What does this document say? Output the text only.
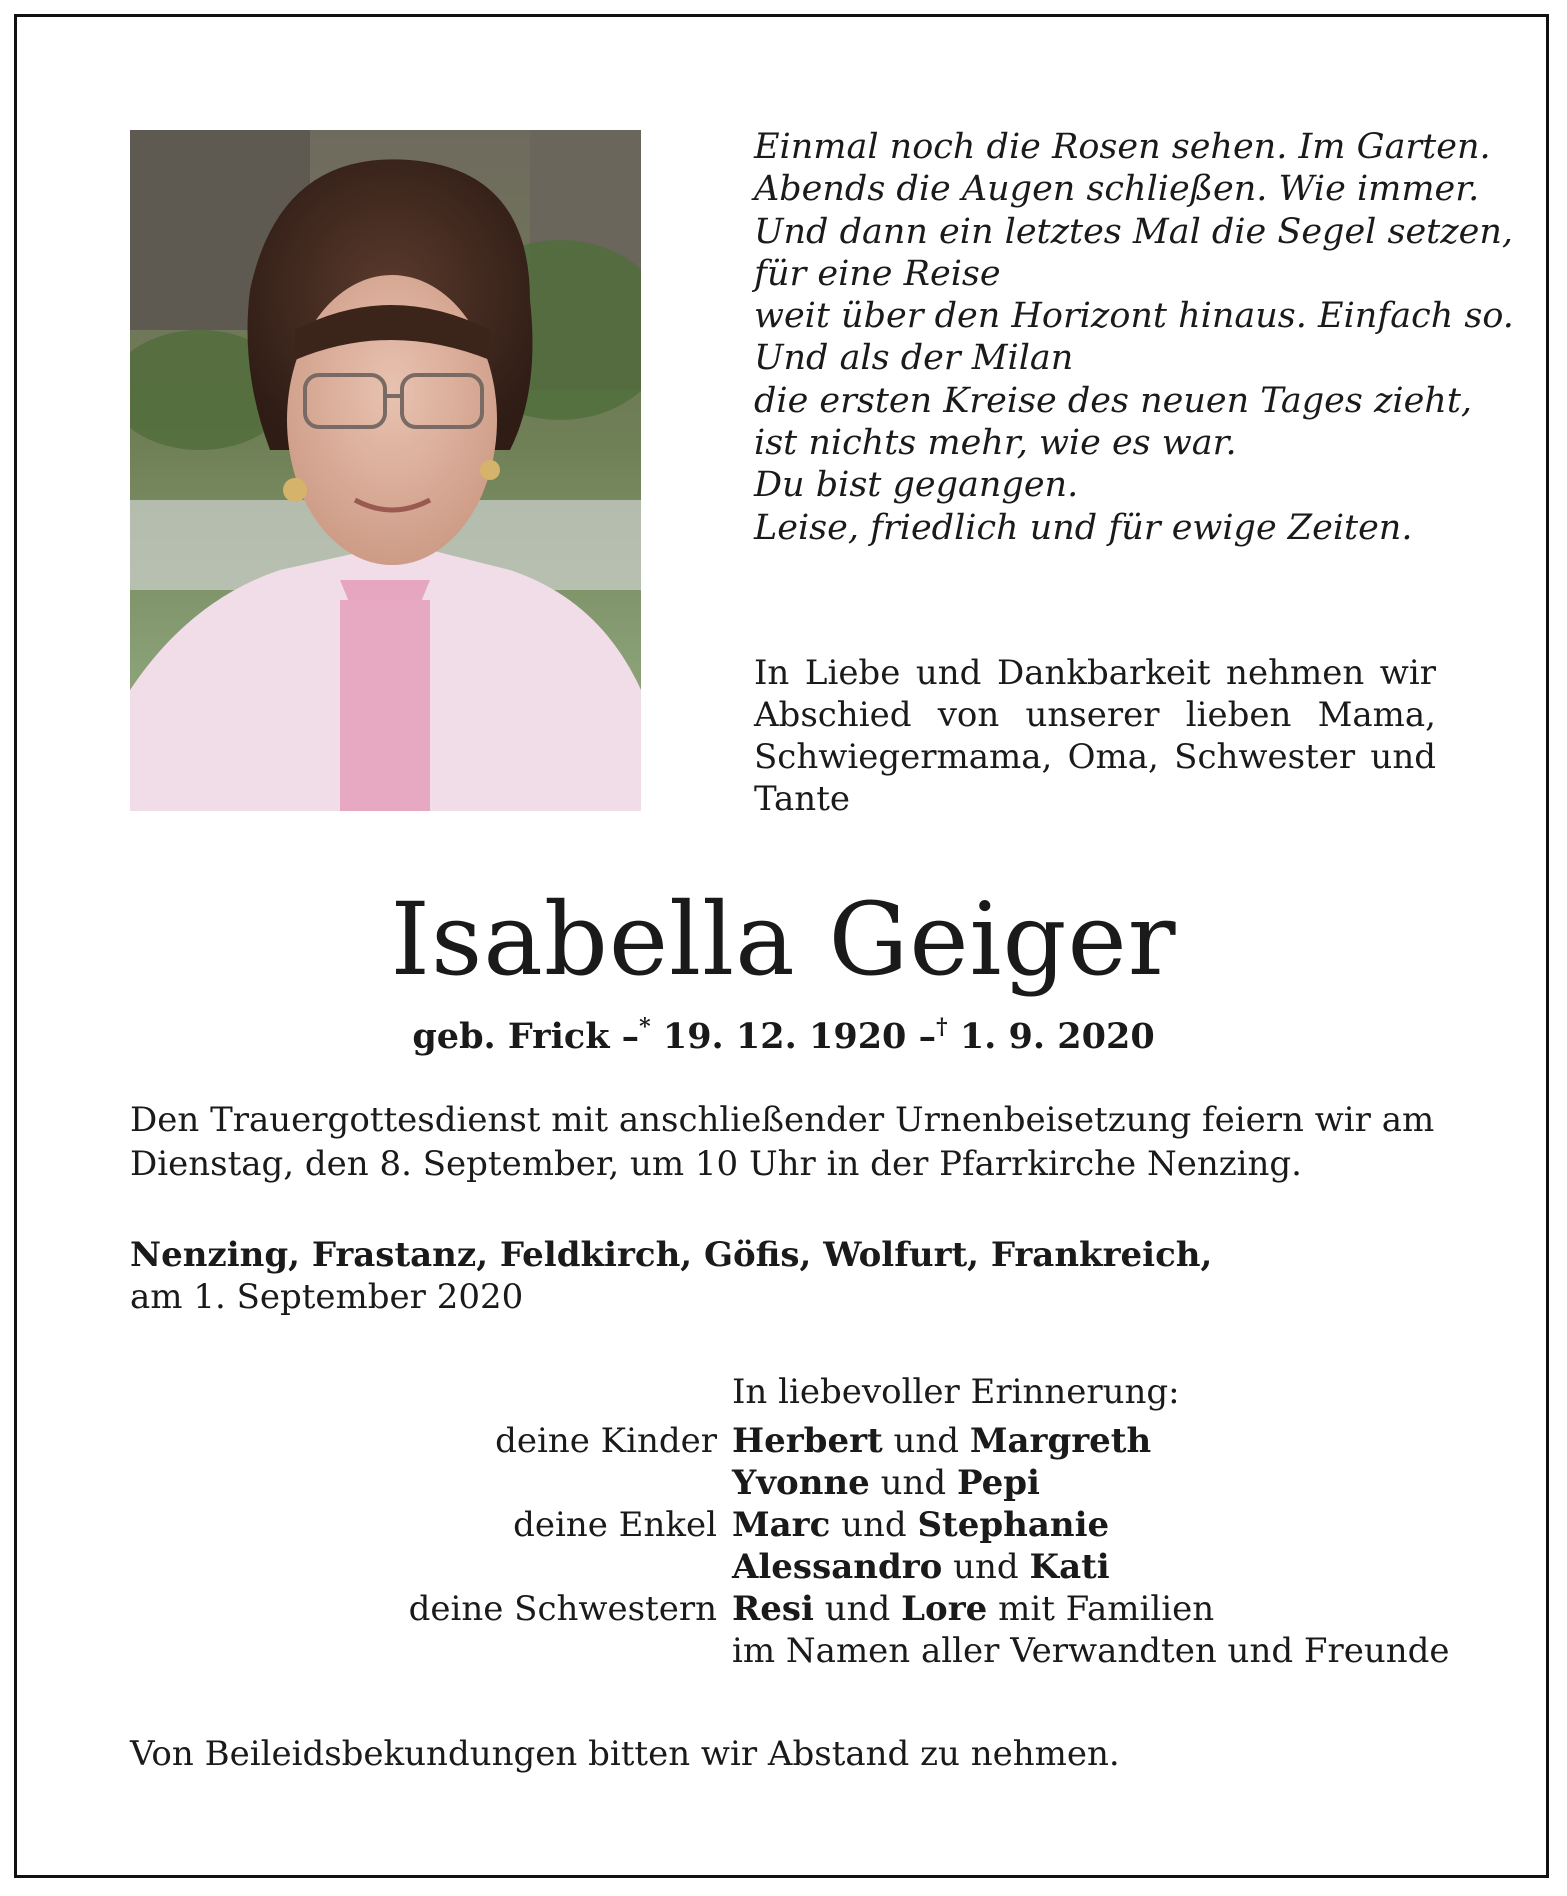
Einmal noch die Rosen sehen. Im Garten.
Abends die Augen schließen. Wie immer.
Und dann ein letztes Mal die Segel setzen,
für eine Reise
weit über den Horizont hinaus. Einfach so.
Und als der Milan
die ersten Kreise des neuen Tages zieht,
ist nichts mehr, wie es war.
Du bist gegangen.
Leise, friedlich und für ewige Zeiten.
In Liebe und Dankbarkeit nehmen wir Abschied von unserer lieben Mama, Schwiegermama, Oma, Schwester und Tante
Isabella Geiger
geb. Frick –* 19. 12. 1920 –† 1. 9. 2020
Den Trauergottesdienst mit anschließender Urnenbeisetzung feiern wir am Dienstag, den 8. September, um 10 Uhr in der Pfarrkirche Nenzing.
Nenzing, Frastanz, Feldkirch, Göfis, Wolfurt, Frankreich,
am 1. September 2020
In liebevoller Erinnerung:
deine Kinder Herbert und Margreth
Yvonne und Pepi
deine Enkel Marc und Stephanie
Alessandro und Kati
deine Schwestern Resi und Lore mit Familien
im Namen aller Verwandten und Freunde
Von Beileidsbekundungen bitten wir Abstand zu nehmen.
